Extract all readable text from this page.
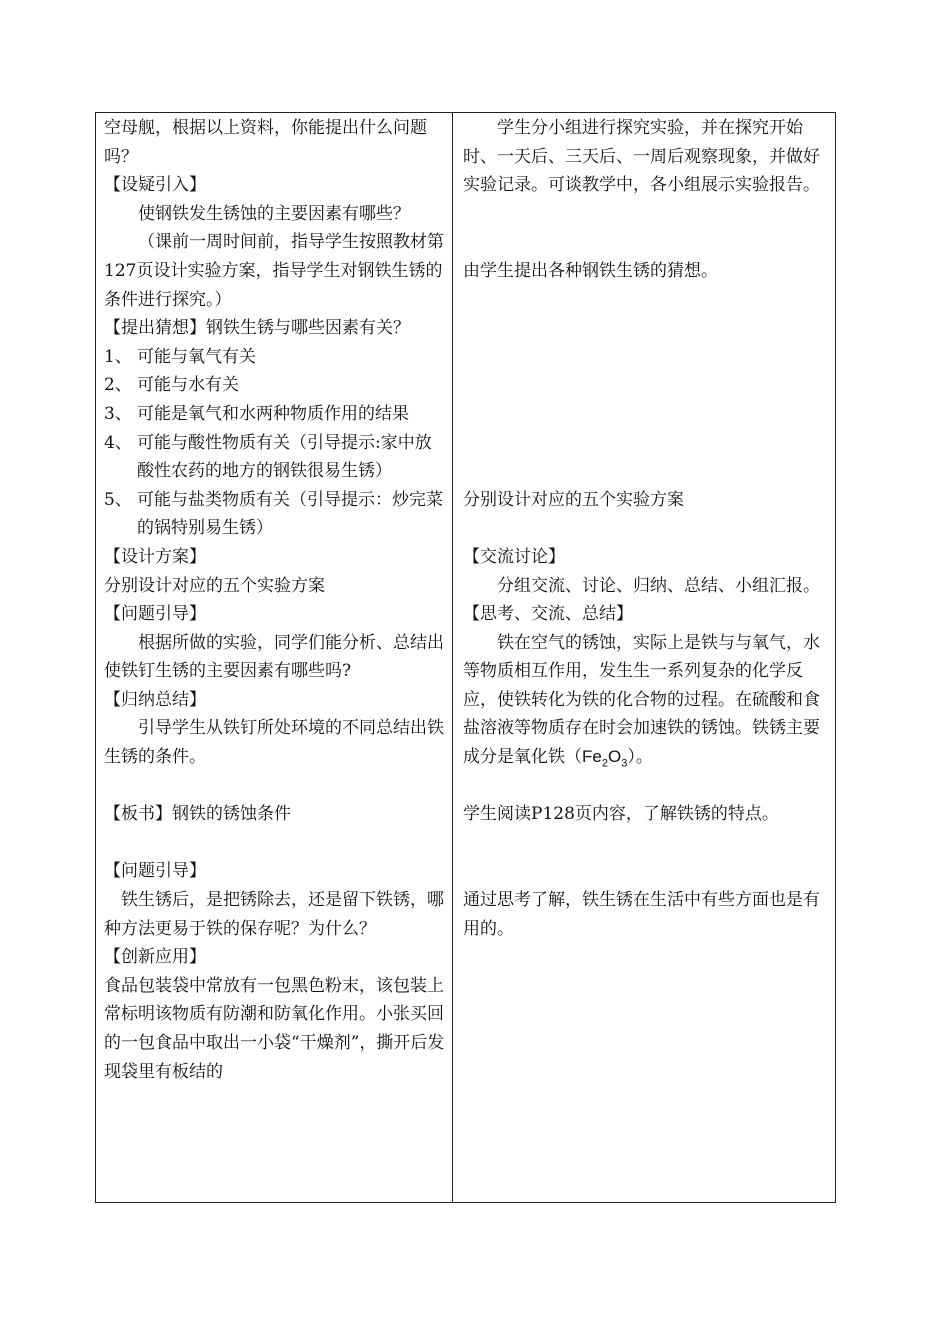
空母舰，根据以上资料，你能提出什么问题吗？

【设疑引入】

使钢铁发生锈蚀的主要因素有哪些？

（课前一周时间前，指导学生按照教材第127页设计实验方案，指导学生对钢铁生锈的条件进行探究。）

【提出猜想】钢铁生锈与哪些因素有关？

1、 可能与氧气有关
2、 可能与水有关
3、 可能是氧气和水两种物质作用的结果
4、 可能与酸性物质有关（引导提示:家中放酸性农药的地方的钢铁很易生锈）
5、 可能与盐类物质有关（引导提示：炒完菜的锅特别易生锈）

【设计方案】

分别设计对应的五个实验方案

【问题引导】

根据所做的实验，同学们能分析、总结出使铁钉生锈的主要因素有哪些吗?

【归纳总结】

引导学生从铁钉所处环境的不同总结出铁生锈的条件。

【板书】钢铁的锈蚀条件

【问题引导】

铁生锈后，是把锈除去，还是留下铁锈，哪种方法更易于铁的保存呢？为什么？

【创新应用】

食品包装袋中常放有一包黑色粉末，该包装上常标明该物质有防潮和防氧化作用。小张买回的一包食品中取出一小袋“干燥剂”，撕开后发现袋里有板结的

学生分小组进行探究实验，并在探究开始时、一天后、三天后、一周后观察现象，并做好实验记录。可谈教学中，各小组展示实验报告。

由学生提出各种钢铁生锈的猜想。

分别设计对应的五个实验方案

【交流讨论】

分组交流、讨论、归纳、总结、小组汇报。

【思考、交流、总结】

铁在空气的锈蚀，实际上是铁与与氧气，水等物质相互作用，发生生一系列复杂的化学反应，使铁转化为铁的化合物的过程。在硫酸和食盐溶液等物质存在时会加速铁的锈蚀。铁锈主要成分是氧化铁$(Fe_2O_3)$。

学生阅读P128页内容，了解铁锈的特点。

通过思考了解，铁生锈在生活中有些方面也是有用的。
